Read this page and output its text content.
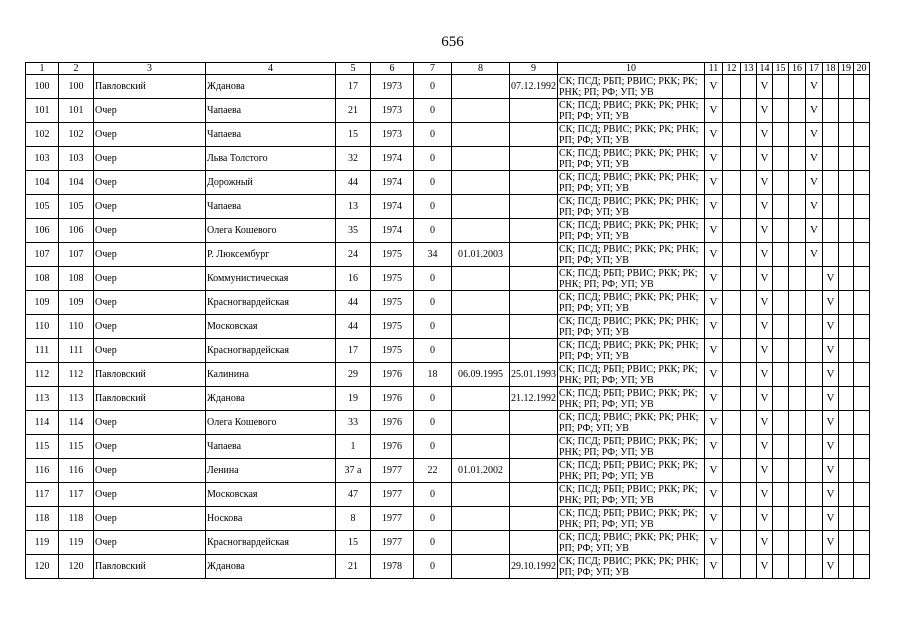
656
1	2	3	4	5	6	7	8	9	10	11	12	13	14	15	16	17	18	19	20
100	100	Павловский	Жданова	17	1973	0		07.12.1992	СК; ПСД; РБП; РВИС; РКК; РК; РНК; РП; РФ; УП; УВ	V			V			V			
101	101	Очер	Чапаева	21	1973	0			СК; ПСД; РВИС; РКК; РК; РНК; РП; РФ; УП; УВ	V			V			V			
102	102	Очер	Чапаева	15	1973	0			СК; ПСД; РВИС; РКК; РК; РНК; РП; РФ; УП; УВ	V			V			V			
103	103	Очер	Льва Толстого	32	1974	0			СК; ПСД; РВИС; РКК; РК; РНК; РП; РФ; УП; УВ	V			V			V			
104	104	Очер	Дорожный	44	1974	0			СК; ПСД; РВИС; РКК; РК; РНК; РП; РФ; УП; УВ	V			V			V			
105	105	Очер	Чапаева	13	1974	0			СК; ПСД; РВИС; РКК; РК; РНК; РП; РФ; УП; УВ	V			V			V			
106	106	Очер	Олега Кошевого	35	1974	0			СК; ПСД; РВИС; РКК; РК; РНК; РП; РФ; УП; УВ	V			V			V			
107	107	Очер	Р. Люксембург	24	1975	34	01.01.2003		СК; ПСД; РВИС; РКК; РК; РНК; РП; РФ; УП; УВ	V			V			V			
108	108	Очер	Коммунистическая	16	1975	0			СК; ПСД; РБП; РВИС; РКК; РК; РНК; РП; РФ; УП; УВ	V			V				V		
109	109	Очер	Красногвардейская	44	1975	0			СК; ПСД; РВИС; РКК; РК; РНК; РП; РФ; УП; УВ	V			V				V		
110	110	Очер	Московская	44	1975	0			СК; ПСД; РВИС; РКК; РК; РНК; РП; РФ; УП; УВ	V			V				V		
111	111	Очер	Красногвардейская	17	1975	0			СК; ПСД; РВИС; РКК; РК; РНК; РП; РФ; УП; УВ	V			V				V		
112	112	Павловский	Калинина	29	1976	18	06.09.1995	25.01.1993	СК; ПСД; РБП; РВИС; РКК; РК; РНК; РП; РФ; УП; УВ	V			V				V		
113	113	Павловский	Жданова	19	1976	0		21.12.1992	СК; ПСД; РБП; РВИС; РКК; РК; РНК; РП; РФ; УП; УВ	V			V				V		
114	114	Очер	Олега Кошевого	33	1976	0			СК; ПСД; РВИС; РКК; РК; РНК; РП; РФ; УП; УВ	V			V				V		
115	115	Очер	Чапаева	1	1976	0			СК; ПСД; РБП; РВИС; РКК; РК; РНК; РП; РФ; УП; УВ	V			V				V		
116	116	Очер	Ленина	37 а	1977	22	01.01.2002		СК; ПСД; РБП; РВИС; РКК; РК; РНК; РП; РФ; УП; УВ	V			V				V		
117	117	Очер	Московская	47	1977	0			СК; ПСД; РБП; РВИС; РКК; РК; РНК; РП; РФ; УП; УВ	V			V				V		
118	118	Очер	Носкова	8	1977	0			СК; ПСД; РБП; РВИС; РКК; РК; РНК; РП; РФ; УП; УВ	V			V				V		
119	119	Очер	Красногвардейская	15	1977	0			СК; ПСД; РВИС; РКК; РК; РНК; РП; РФ; УП; УВ	V			V				V		
120	120	Павловский	Жданова	21	1978	0		29.10.1992	СК; ПСД; РВИС; РКК; РК; РНК; РП; РФ; УП; УВ	V			V				V		
